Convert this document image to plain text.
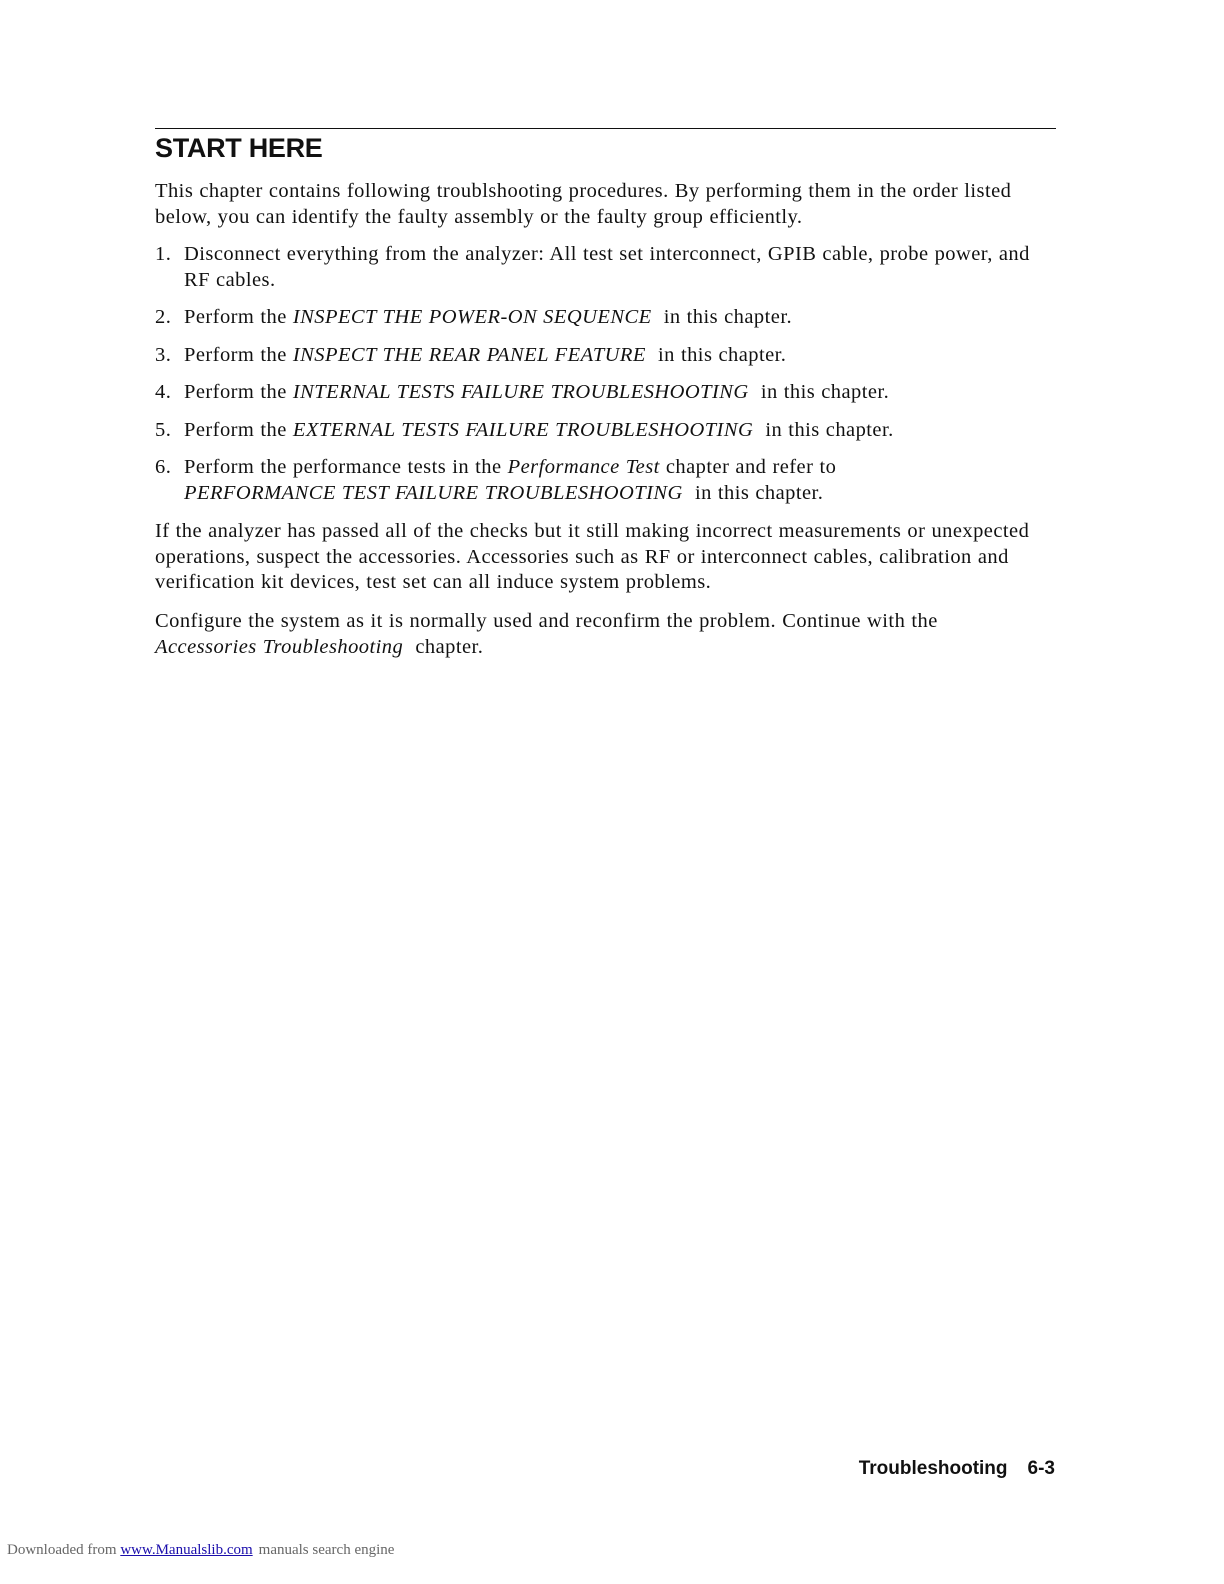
START HERE

This chapter contains following troublshooting procedures. By performing them in the order listed below, you can identify the faulty assembly or the faulty group efficiently.

1. Disconnect everything from the analyzer: All test set interconnect, GPIB cable, probe power, and RF cables.
2. Perform the INSPECT THE POWER-ON SEQUENCE  in this chapter.
3. Perform the INSPECT THE REAR PANEL FEATURE  in this chapter.
4. Perform the INTERNAL TESTS FAILURE TROUBLESHOOTING  in this chapter.
5. Perform the EXTERNAL TESTS FAILURE TROUBLESHOOTING  in this chapter.
6. Perform the performance tests in the Performance Test chapter and refer to
PERFORMANCE TEST FAILURE TROUBLESHOOTING  in this chapter.

If the analyzer has passed all of the checks but it still making incorrect measurements or unexpected operations, suspect the accessories. Accessories such as RF or interconnect cables, calibration and verification kit devices, test set can all induce system problems.

Configure the system as it is normally used and reconfirm the problem. Continue with the
Accessories Troubleshooting  chapter.

Troubleshooting 6-3
Downloaded from www.Manualslib.com manuals search engine
